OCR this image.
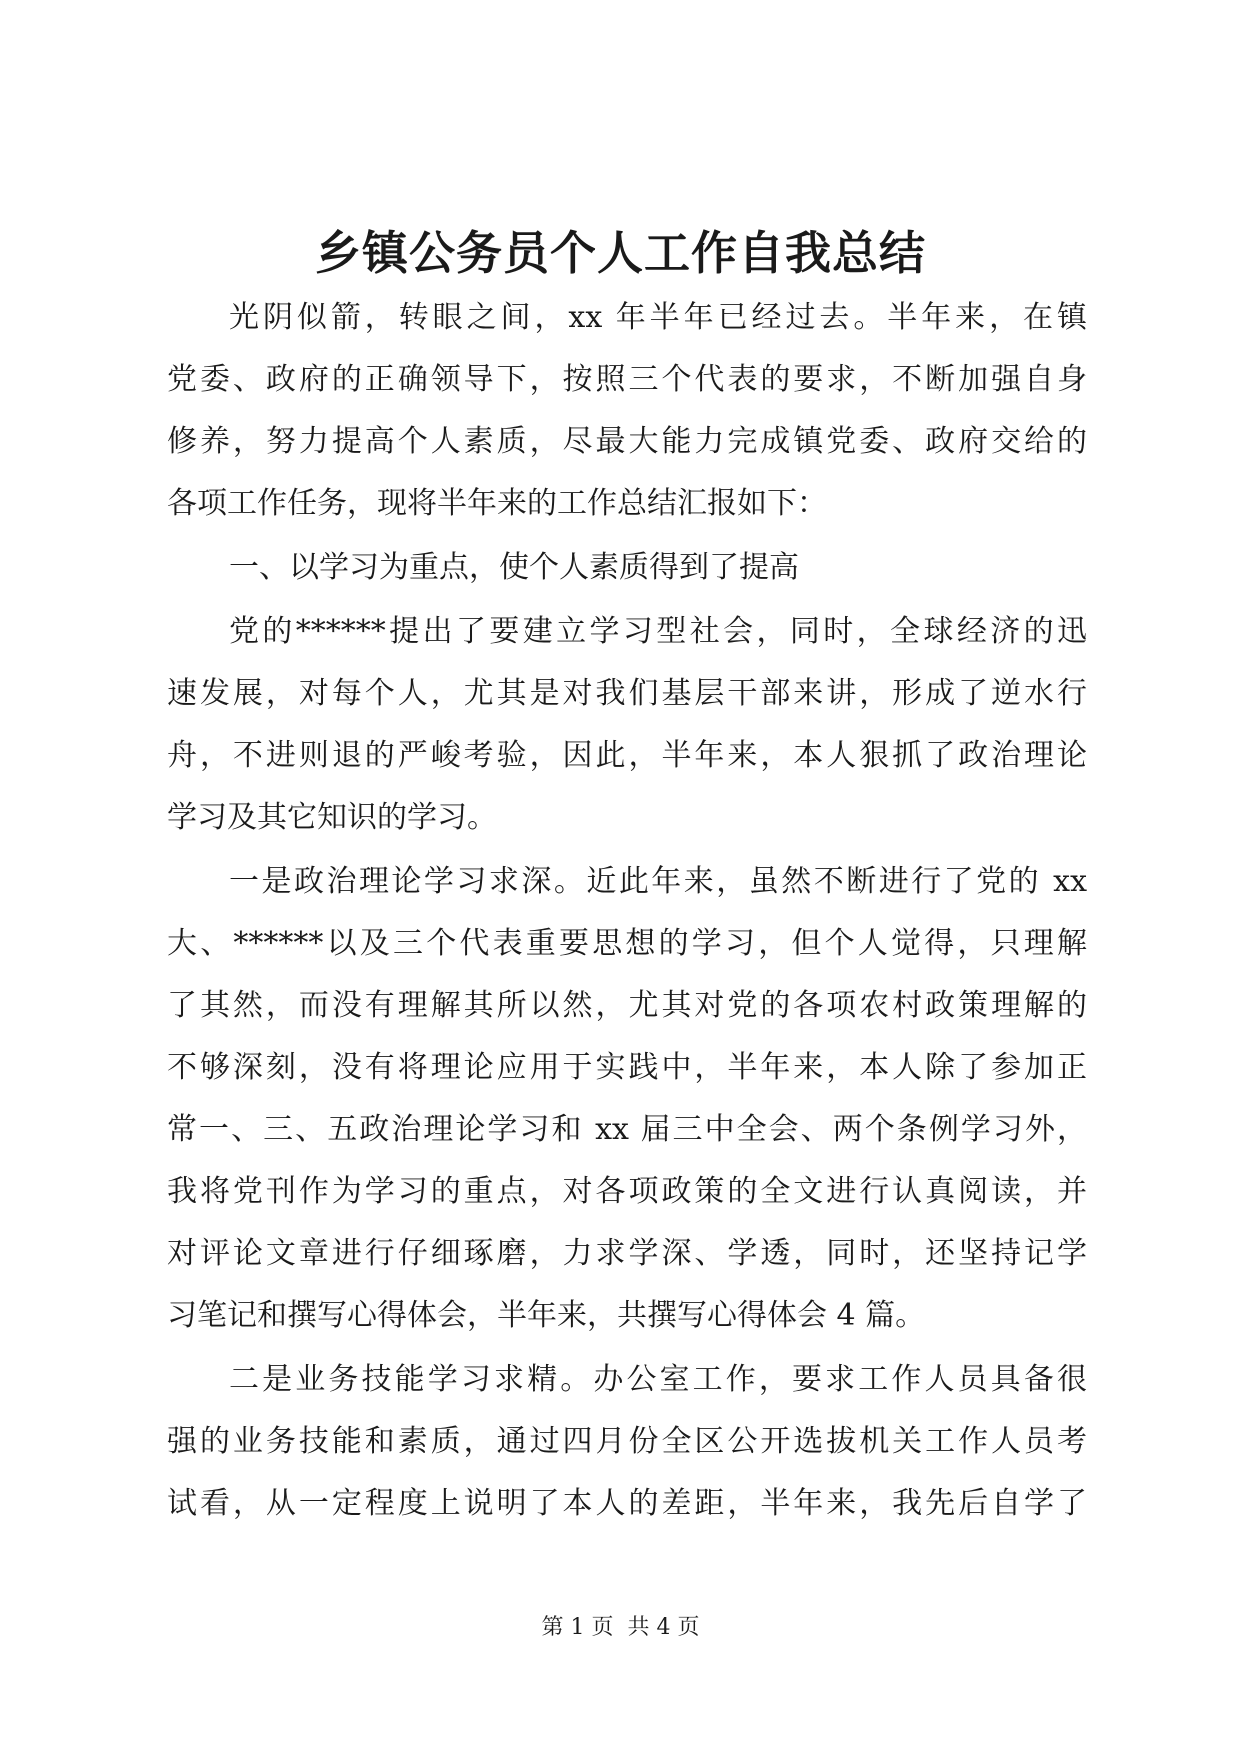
乡镇公务员个人工作自我总结
光阴似箭，转眼之间，xx 年半年已经过去。半年来，在镇
党委、政府的正确领导下，按照三个代表的要求，不断加强自身
修养，努力提高个人素质，尽最大能力完成镇党委、政府交给的
各项工作任务，现将半年来的工作总结汇报如下：
一、以学习为重点，使个人素质得到了提高
党的******提出了要建立学习型社会，同时，全球经济的迅
速发展，对每个人，尤其是对我们基层干部来讲，形成了逆水行
舟，不进则退的严峻考验，因此，半年来，本人狠抓了政治理论
学习及其它知识的学习。
一是政治理论学习求深。近此年来，虽然不断进行了党的 xx
大、******以及三个代表重要思想的学习，但个人觉得，只理解
了其然，而没有理解其所以然，尤其对党的各项农村政策理解的
不够深刻，没有将理论应用于实践中，半年来，本人除了参加正
常一、三、五政治理论学习和 xx 届三中全会、两个条例学习外，
我将党刊作为学习的重点，对各项政策的全文进行认真阅读，并
对评论文章进行仔细琢磨，力求学深、学透，同时，还坚持记学
习笔记和撰写心得体会，半年来，共撰写心得体会 4 篇。
二是业务技能学习求精。办公室工作，要求工作人员具备很
强的业务技能和素质，通过四月份全区公开选拔机关工作人员考
试看，从一定程度上说明了本人的差距，半年来，我先后自学了
第 1 页 共 4 页
